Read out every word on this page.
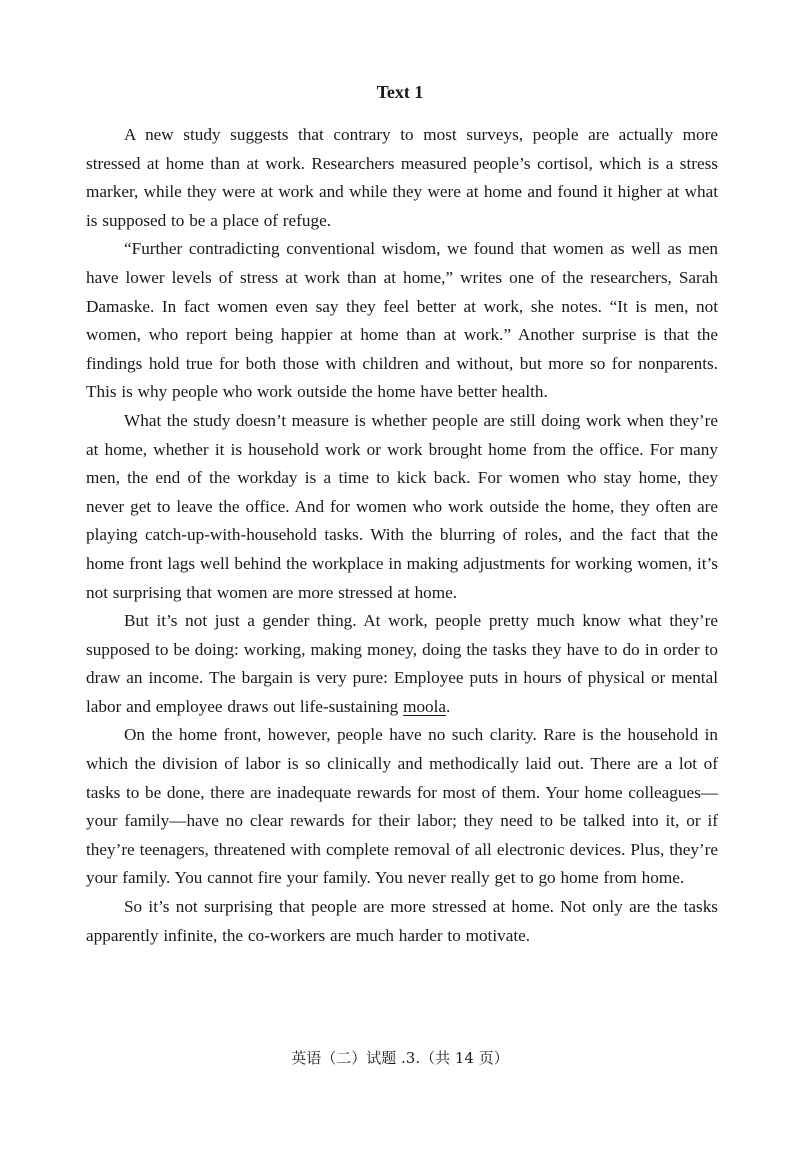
Text 1

A new study suggests that contrary to most surveys, people are actually more stressed at home than at work. Researchers measured people’s cortisol, which is a stress marker, while they were at work and while they were at home and found it higher at what is supposed to be a place of refuge.

“Further contradicting conventional wisdom, we found that women as well as men have lower levels of stress at work than at home,” writes one of the researchers, Sarah Damaske. In fact women even say they feel better at work, she notes. “It is men, not women, who report being happier at home than at work.” Another surprise is that the findings hold true for both those with children and without, but more so for nonparents. This is why people who work outside the home have better health.

What the study doesn’t measure is whether people are still doing work when they’re at home, whether it is household work or work brought home from the office. For many men, the end of the workday is a time to kick back. For women who stay home, they never get to leave the office. And for women who work outside the home, they often are playing catch-up-with-household tasks. With the blurring of roles, and the fact that the home front lags well behind the workplace in making adjustments for working women, it’s not surprising that women are more stressed at home.

But it’s not just a gender thing. At work, people pretty much know what they’re supposed to be doing: working, making money, doing the tasks they have to do in order to draw an income. The bargain is very pure: Employee puts in hours of physical or mental labor and employee draws out life-sustaining moola.

On the home front, however, people have no such clarity. Rare is the household in which the division of labor is so clinically and methodically laid out. There are a lot of tasks to be done, there are inadequate rewards for most of them. Your home colleagues—your family—have no clear rewards for their labor; they need to be talked into it, or if they’re teenagers, threatened with complete removal of all electronic devices. Plus, they’re your family. You cannot fire your family. You never really get to go home from home.

So it’s not surprising that people are more stressed at home. Not only are the tasks apparently infinite, the co-workers are much harder to motivate.

英语（二）试题 .3.（共 14 页）
